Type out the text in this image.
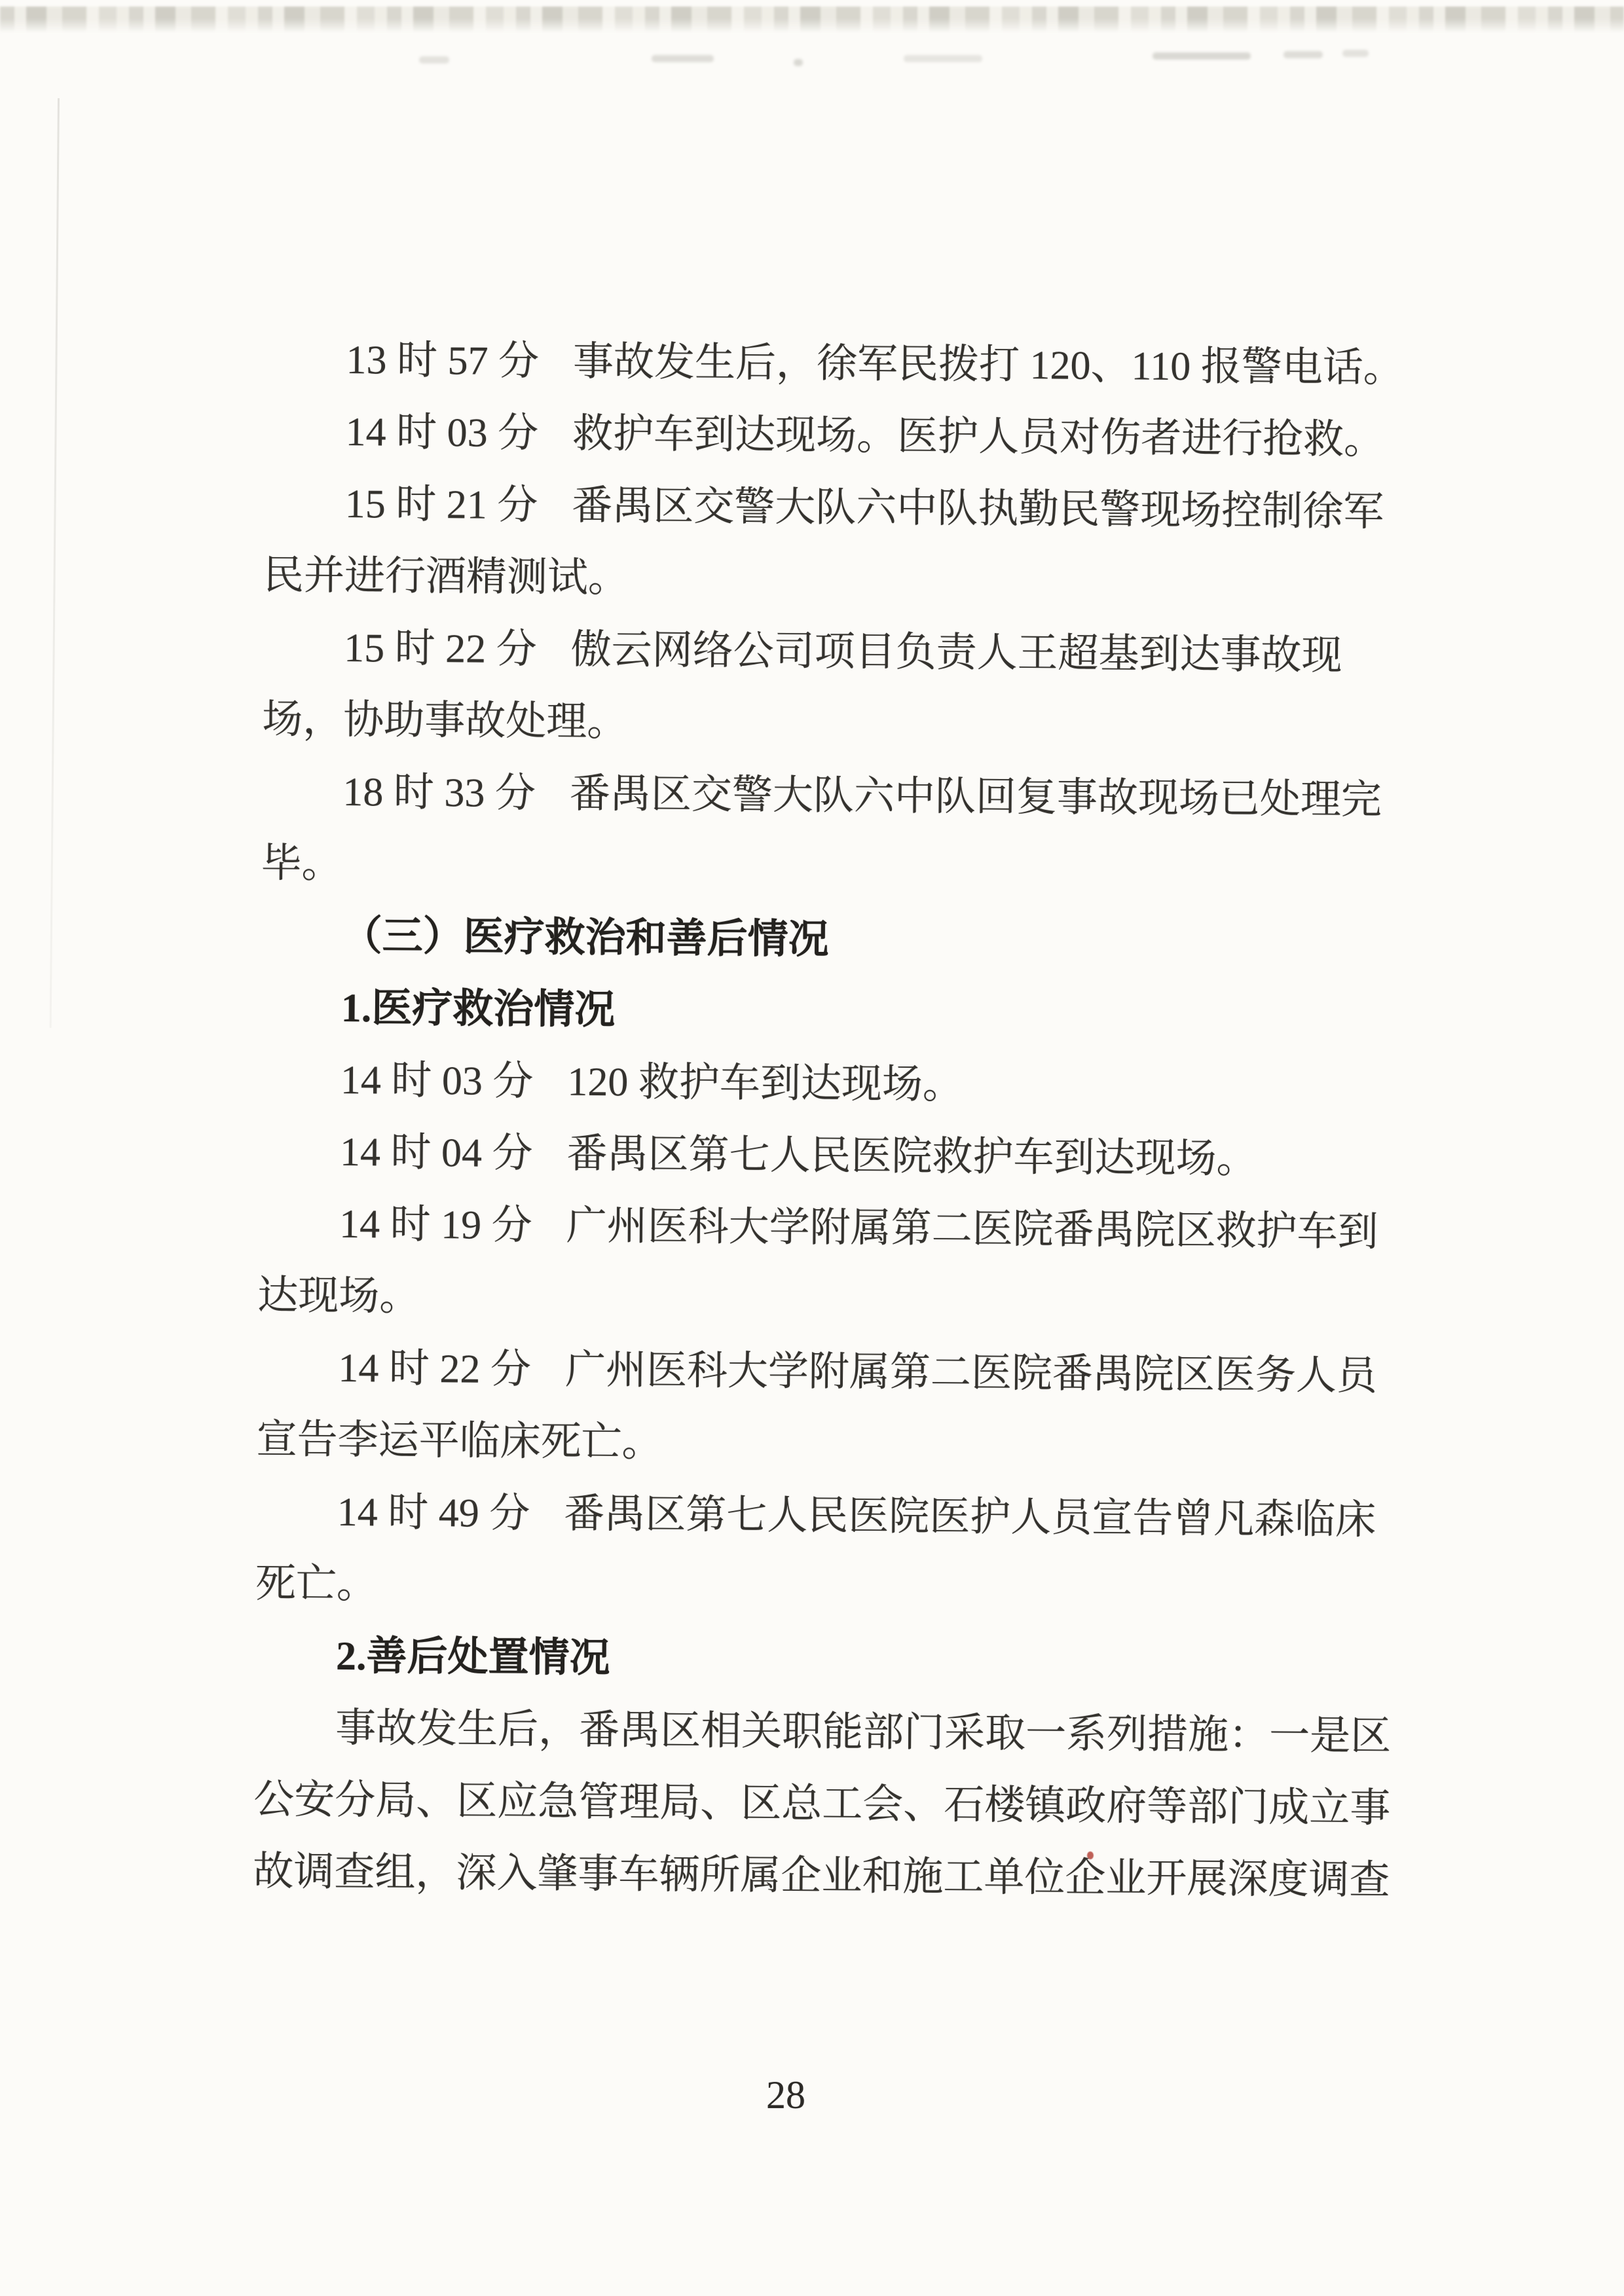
13 时 57 分 事故发生后，徐军民拨打 120、110 报警电话。
14 时 03 分 救护车到达现场。医护人员对伤者进行抢救。
15 时 21 分 番禺区交警大队六中队执勤民警现场控制徐军
民并进行酒精测试。
15 时 22 分 傲云网络公司项目负责人王超基到达事故现
场，协助事故处理。
18 时 33 分 番禺区交警大队六中队回复事故现场已处理完
毕。
（三）医疗救治和善后情况
1.医疗救治情况
14 时 03 分 120 救护车到达现场。
14 时 04 分 番禺区第七人民医院救护车到达现场。
14 时 19 分 广州医科大学附属第二医院番禺院区救护车到
达现场。
14 时 22 分 广州医科大学附属第二医院番禺院区医务人员
宣告李运平临床死亡。
14 时 49 分 番禺区第七人民医院医护人员宣告曾凡森临床
死亡。
2.善后处置情况
事故发生后，番禺区相关职能部门采取一系列措施：一是区
公安分局、区应急管理局、区总工会、石楼镇政府等部门成立事
故调查组，深入肇事车辆所属企业和施工单位企业开展深度调查
28
